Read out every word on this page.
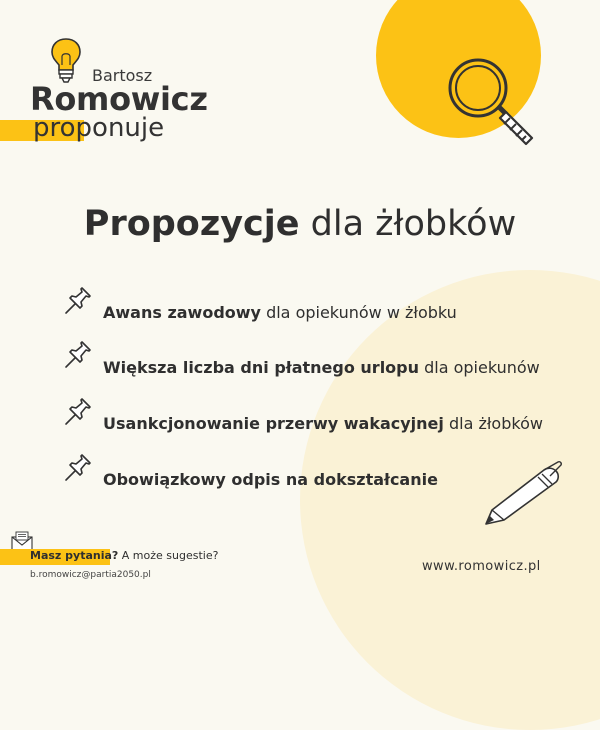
Bartosz
Romowicz
proponuje
Propozycje dla żłobków
Awans zawodowy dla opiekunów w żłobku
Większa liczba dni płatnego urlopu dla opiekunów
Usankcjonowanie przerwy wakacyjnej dla żłobków
Obowiązkowy odpis na dokształcanie
Masz pytania? A może sugestie?
b.romowicz@partia2050.pl
www.romowicz.pl
